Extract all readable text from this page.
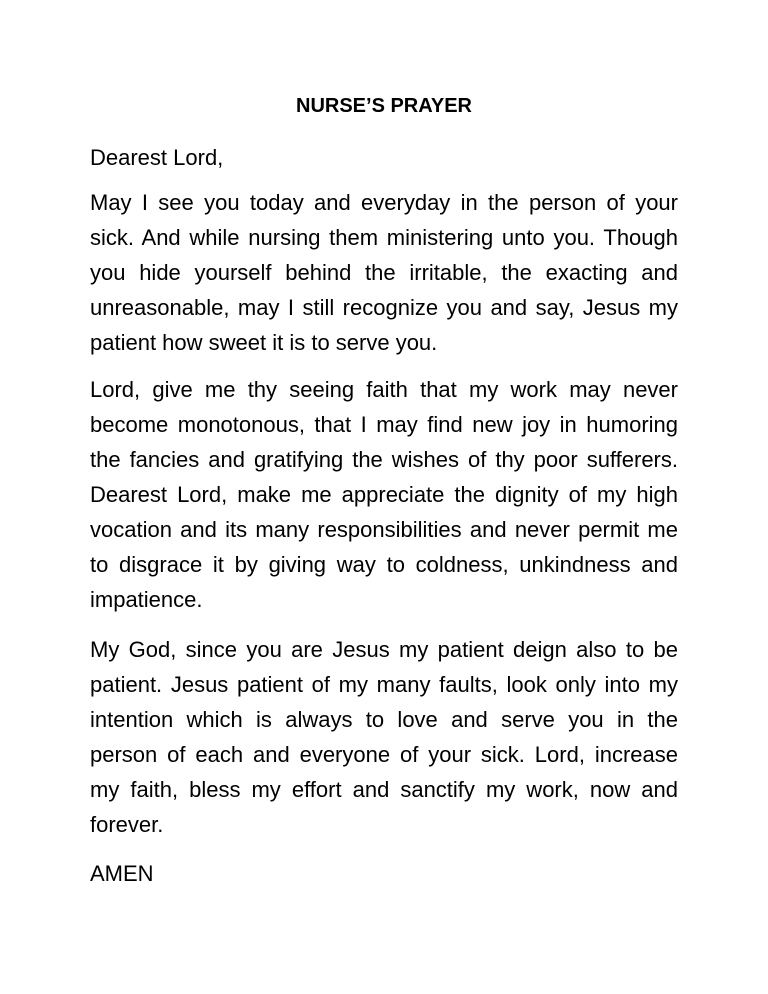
NURSE’S PRAYER
Dearest Lord,
May I see you today and everyday in the person of your sick. And while nursing them ministering unto you. Though you hide yourself behind the irritable, the exacting and unreasonable, may I still recognize you and say, Jesus my patient how sweet it is to serve you.
Lord, give me thy seeing faith that my work may never become monotonous, that I may find new joy in humoring the fancies and gratifying the wishes of thy poor sufferers. Dearest Lord, make me appreciate the dignity of my high vocation and its many responsibilities and never permit me to disgrace it by giving way to coldness, unkindness and impatience.
My God, since you are Jesus my patient deign also to be patient. Jesus patient of my many faults, look only into my intention which is always to love and serve you in the person of each and everyone of your sick. Lord, increase my faith, bless my effort and sanctify my work, now and forever.
AMEN
